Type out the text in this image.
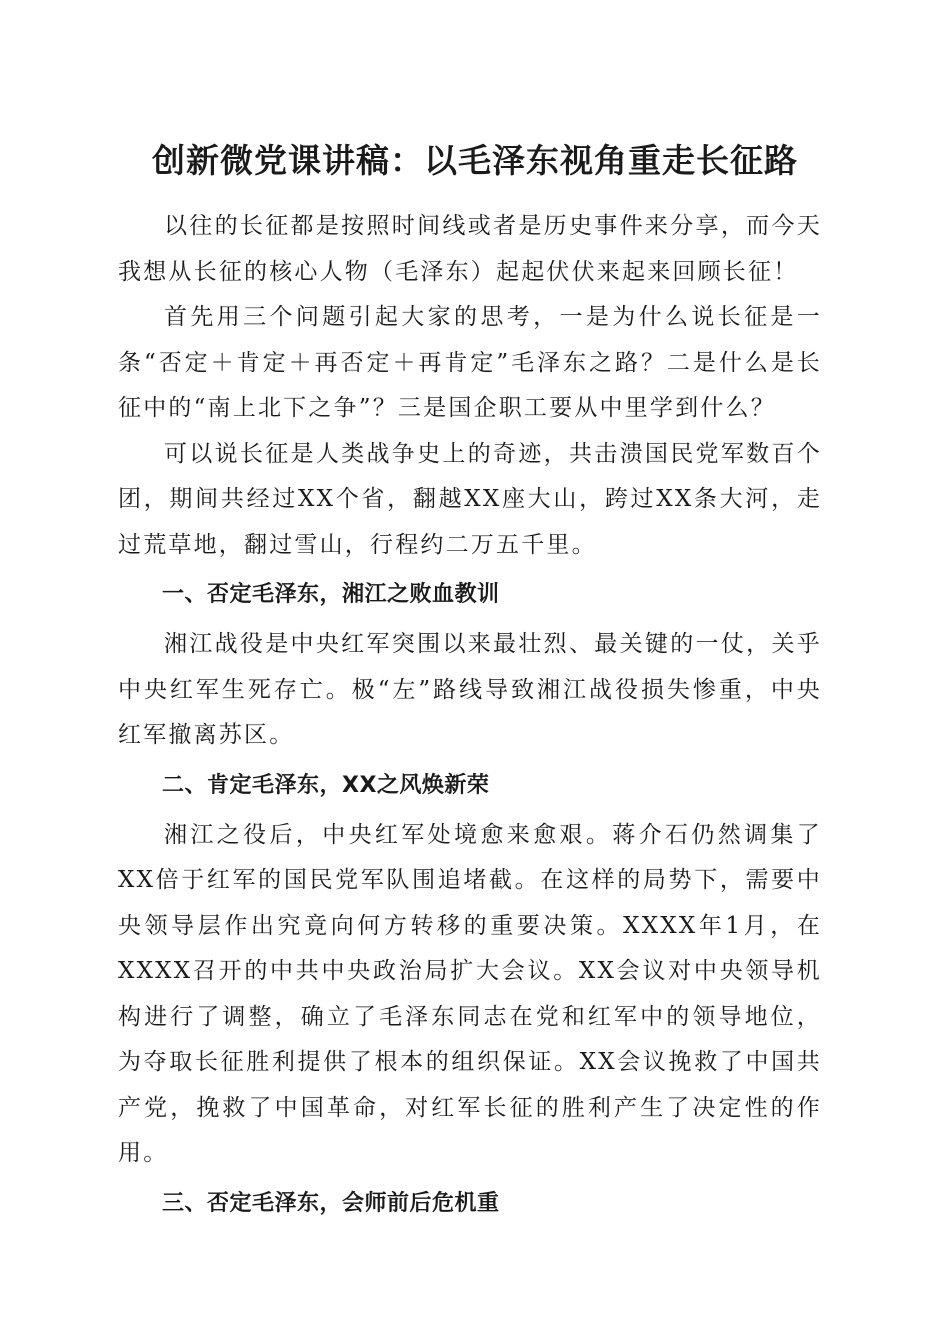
创新微党课讲稿：以毛泽东视角重走长征路

以往的长征都是按照时间线或者是历史事件来分享，而今天我想从长征的核心人物（毛泽东）起起伏伏来起来回顾长征！

首先用三个问题引起大家的思考，一是为什么说长征是一条“否定＋肯定＋再否定＋再肯定”毛泽东之路？二是什么是长征中的“南上北下之争”？三是国企职工要从中里学到什么？

可以说长征是人类战争史上的奇迹，共击溃国民党军数百个团，期间共经过XX个省，翻越XX座大山，跨过XX条大河，走过荒草地，翻过雪山，行程约二万五千里。

一、否定毛泽东，湘江之败血教训

湘江战役是中央红军突围以来最壮烈、最关键的一仗，关乎中央红军生死存亡。极“左”路线导致湘江战役损失惨重，中央红军撤离苏区。

二、肯定毛泽东，XX之风焕新荣

湘江之役后，中央红军处境愈来愈艰。蒋介石仍然调集了XX倍于红军的国民党军队围追堵截。在这样的局势下，需要中央领导层作出究竟向何方转移的重要决策。XXXX年1月，在XXXX召开的中共中央政治局扩大会议。XX会议对中央领导机构进行了调整，确立了毛泽东同志在党和红军中的领导地位，为夺取长征胜利提供了根本的组织保证。XX会议挽救了中国共产党，挽救了中国革命，对红军长征的胜利产生了决定性的作用。

三、否定毛泽东，会师前后危机重
